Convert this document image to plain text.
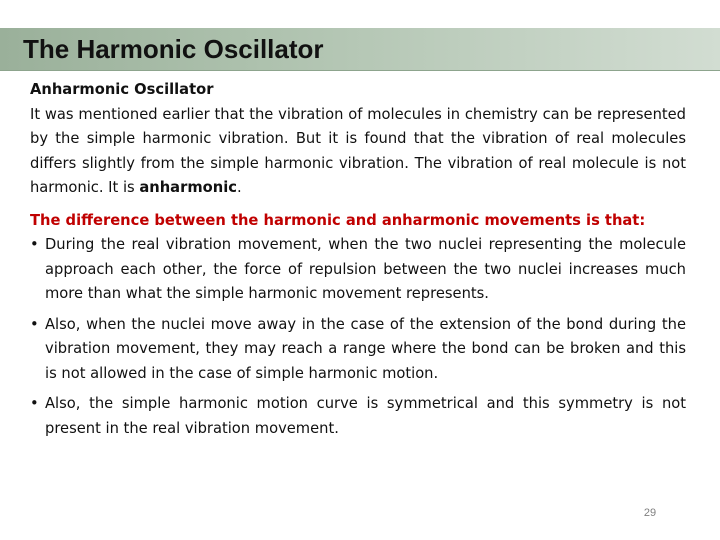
The Harmonic Oscillator
Anharmonic Oscillator
It was mentioned earlier that the vibration of molecules in chemistry can be represented by the simple harmonic vibration. But it is found that the vibration of real molecules differs slightly from the simple harmonic vibration. The vibration of real molecule is not harmonic. It is anharmonic.
The difference between the harmonic and anharmonic movements is that:
• During the real vibration movement, when the two nuclei representing the molecule approach each other, the force of repulsion between the two nuclei increases much more than what the simple harmonic movement represents.
• Also, when the nuclei move away in the case of the extension of the bond during the vibration movement, they may reach a range where the bond can be broken and this is not allowed in the case of simple harmonic motion.
• Also, the simple harmonic motion curve is symmetrical and this symmetry is not present in the real vibration movement.
29
